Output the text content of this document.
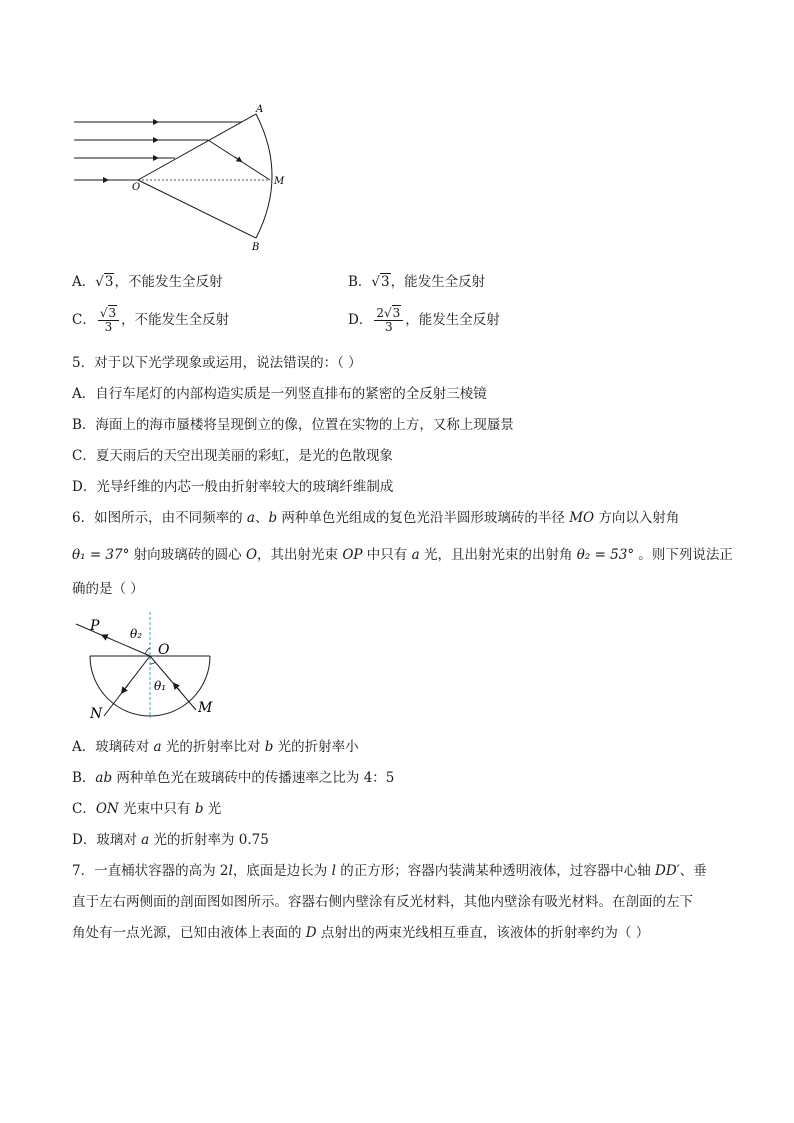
A
M
O
B
A．√3，不能发生全反射	B．√3，能发生全反射
C． $\frac{√3}{3}$ ，不能发生全反射	D． $\frac{2√3}{3}$ ，能发生全反射
5．对于以下光学现象或运用，说法错误的：（ ）
A．自行车尾灯的内部构造实质是一列竖直排布的紧密的全反射三棱镜
B．海面上的海市蜃楼将呈现倒立的像，位置在实物的上方，又称上现蜃景
C．夏天雨后的天空出现美丽的彩虹，是光的色散现象
D．光导纤维的内芯一般由折射率较大的玻璃纤维制成
6．如图所示，由不同频率的 a、b 两种单色光组成的复色光沿半圆形玻璃砖的半径 MO 方向以入射角
θ₁ = 37° 射向玻璃砖的圆心 O，其出射光束 OP 中只有 a 光，且出射光束的出射角 θ₂ = 53° 。则下列说法正
确的是（ ）
P	θ₂
O
θ₁
N	M
A．玻璃砖对 a 光的折射率比对 b 光的折射率小
B．ab 两种单色光在玻璃砖中的传播速率之比为 4：5
C．ON 光束中只有 b 光
D．玻璃对 a 光的折射率为 0.75
7．一直桶状容器的高为 2l，底面是边长为 l 的正方形；容器内装满某种透明液体，过容器中心轴 DD′、垂
直于左右两侧面的剖面图如图所示。容器右侧内壁涂有反光材料，其他内壁涂有吸光材料。在剖面的左下
角处有一点光源，已知由液体上表面的 D 点射出的两束光线相互垂直，该液体的折射率约为（ ）
